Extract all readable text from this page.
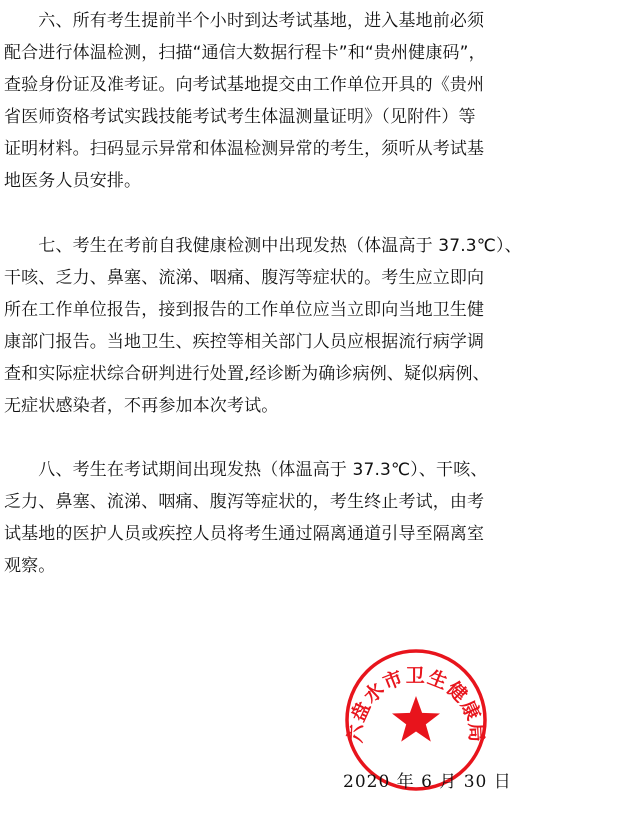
　　六、所有考生提前半个小时到达考试基地，进入基地前必须
配合进行体温检测，扫描“通信大数据行程卡”和“贵州健康码”，
查验身份证及准考证。向考试基地提交由工作单位开具的《贵州
省医师资格考试实践技能考试考生体温测量证明》（见附件）等
证明材料。扫码显示异常和体温检测异常的考生，须听从考试基
地医务人员安排。
　　七、考生在考前自我健康检测中出现发热（体温高于 37.3℃）、
干咳、乏力、鼻塞、流涕、咽痛、腹泻等症状的。考生应立即向
所在工作单位报告，接到报告的工作单位应当立即向当地卫生健
康部门报告。当地卫生、疾控等相关部门人员应根据流行病学调
查和实际症状综合研判进行处置,经诊断为确诊病例、疑似病例、
无症状感染者，不再参加本次考试。
　　八、考生在考试期间出现发热（体温高于 37.3℃）、干咳、
乏力、鼻塞、流涕、咽痛、腹泻等症状的，考生终止考试，由考
试基地的医护人员或疾控人员将考生通过隔离通道引导至隔离室
观察。
六盘水市卫生健康局
2020 年 6 月 30 日
